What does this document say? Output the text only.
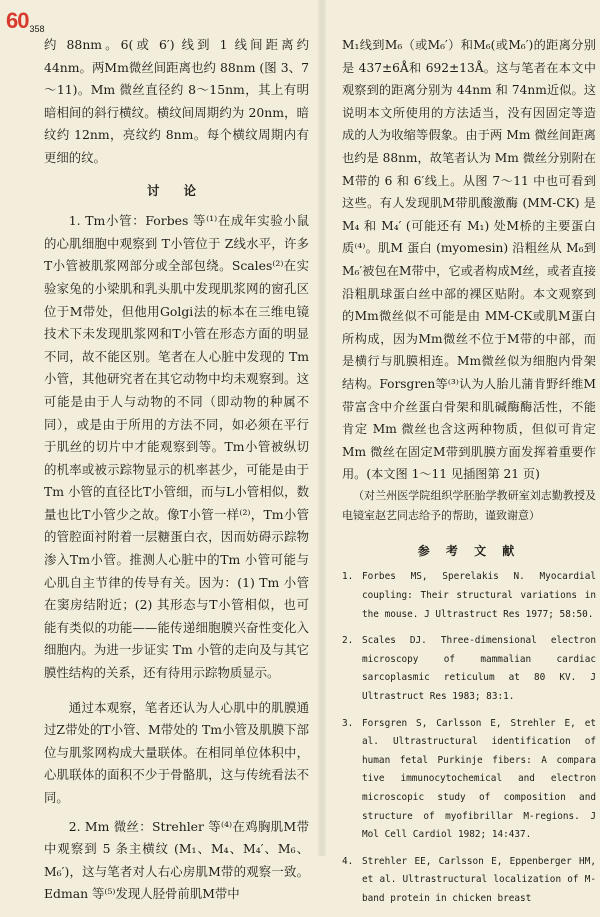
60358

约 88nm。6(或 6′) 线到 1 线间距离约 44nm。两Mm微丝间距离也约 88nm (图 3、7～11)。Mm 微丝直径约 8～15nm，其上有明暗相间的斜行横纹。横纹间周期约为 20nm，暗纹约 12nm，亮纹约 8nm。每个横纹周期内有更细的纹。

讨 论

1. Tm小管：Forbes 等⁽¹⁾在成年实验小鼠的心肌细胞中观察到 T小管位于 Z线水平，许多T小管被肌浆网部分或全部包绕。Scales⁽²⁾在实验家兔的小梁肌和乳头肌中发现肌浆网的窗孔区位于M带处，但他用Golgi法的标本在三维电镜技术下未发现肌浆网和T小管在形态方面的明显不同，故不能区别。笔者在人心脏中发现的 Tm 小管，其他研究者在其它动物中均未观察到。这可能是由于人与动物的不同（即动物的种属不同），或是由于所用的方法不同，如必须在平行于肌丝的切片中才能观察到等。Tm小管被纵切的机率或被示踪物显示的机率甚少，可能是由于 Tm 小管的直径比T小管细，而与L小管相似，数量也比T小管少之故。像T小管一样⁽²⁾，Tm小管的管腔面衬附着一层糖蛋白衣，因而妨碍示踪物渗入Tm小管。推测人心脏中的Tm 小管可能与心肌自主节律的传导有关。因为：(1) Tm 小管在窦房结附近；(2) 其形态与T小管相似，也可能有类似的功能——能传递细胞膜兴奋性变化入细胞内。为进一步证实 Tm 小管的走向及与其它膜性结构的关系，还有待用示踪物质显示。

通过本观察，笔者还认为人心肌中的肌膜通过Z带处的T小管、M带处的 Tm小管及肌膜下部位与肌浆网构成大量联体。在相同单位体积中，心肌联体的面积不少于骨骼肌，这与传统看法不同。

2. Mm 微丝：Strehler 等⁽⁴⁾在鸡胸肌M带中观察到 5 条主横纹 (M₁、M₄、M₄′、M₆、M₆′)，这与笔者对人右心房肌M带的观察一致。Edman 等⁽⁵⁾发现人胫骨前肌M带中

M₁线到M₆（或M₆′）和M₆(或M₆′)的距离分别是 437±6Å和 692±13Å。这与笔者在本文中观察到的距离分别为 44nm 和 74nm近似。这说明本文所使用的方法适当，没有因固定等造成的人为收缩等假象。由于两 Mm 微丝间距离也约是 88nm，故笔者认为 Mm 微丝分别附在M带的 6 和 6′线上。从图 7～11 中也可看到这些。有人发现肌M带肌酸激酶 (MM-CK) 是 M₄ 和 M₄′ (可能还有 M₁) 处M桥的主要蛋白质⁽⁴⁾。肌M 蛋白 (myomesin) 沿粗丝从 M₆到M₆′被包在M带中，它或者构成M丝，或者直接沿粗肌球蛋白丝中部的裸区贴附。本文观察到的Mm微丝似不可能是由 MM-CK或肌M蛋白所构成，因为Mm微丝不位于M带的中部，而是横行与肌膜相连。Mm微丝似为细胞内骨架结构。Forsgren等⁽³⁾认为人胎儿蒲肯野纤维M带富含中介丝蛋白骨架和肌碱酶酶活性，不能肯定 Mm 微丝也含这两种物质，但似可肯定 Mm 微丝在固定M带到肌膜方面发挥着重要作用。(本文图 1～11 见插图第 21 页)

（对兰州医学院组织学胚胎学教研室刘志勤教授及电镜室赵艺同志给予的帮助，谨致谢意）

参 考 文 献
1. Forbes MS, Sperelakis N. Myocardial coupling: Their structural variations in the mouse. J Ultrastruct Res 1977; 58:50.
2. Scales DJ. Three-dimensional electron microscopy of mammalian cardiac sarcoplasmic reticulum at 80 KV. J Ultrastruct Res 1983; 83:1.
3. Forsgren S, Carlsson E, Strehler E, et al. Ultrastructural identification of human fetal Purkinje fibers: A compara tive immunocytochemical and electron microscopic study of composition and structure of myofibrillar M-regions. J Mol Cell Cardiol 1982; 14:437.
4. Strehler EE, Carlsson E, Eppenberger HM, et al. Ultrastructural localization of M-band protein in chicken breast
